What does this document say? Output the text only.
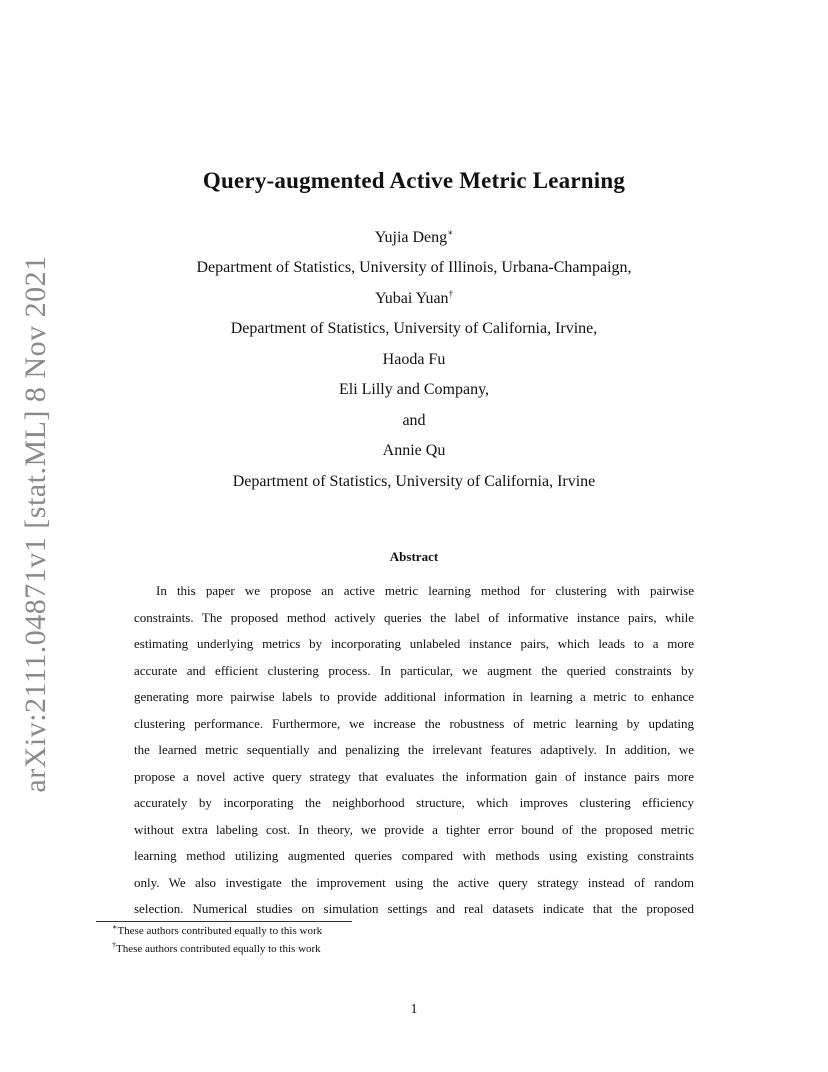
arXiv:2111.04871v1 [stat.ML] 8 Nov 2021
Query-augmented Active Metric Learning
Yujia Deng∗
Department of Statistics, University of Illinois, Urbana-Champaign,
Yubai Yuan†
Department of Statistics, University of California, Irvine,
Haoda Fu
Eli Lilly and Company,
and
Annie Qu
Department of Statistics, University of California, Irvine
Abstract
In this paper we propose an active metric learning method for clustering with pairwise
constraints. The proposed method actively queries the label of informative instance pairs, while
estimating underlying metrics by incorporating unlabeled instance pairs, which leads to a more
accurate and efficient clustering process. In particular, we augment the queried constraints by
generating more pairwise labels to provide additional information in learning a metric to enhance
clustering performance. Furthermore, we increase the robustness of metric learning by updating
the learned metric sequentially and penalizing the irrelevant features adaptively. In addition, we
propose a novel active query strategy that evaluates the information gain of instance pairs more
accurately by incorporating the neighborhood structure, which improves clustering efficiency
without extra labeling cost. In theory, we provide a tighter error bound of the proposed metric
learning method utilizing augmented queries compared with methods using existing constraints
only. We also investigate the improvement using the active query strategy instead of random
selection. Numerical studies on simulation settings and real datasets indicate that the proposed
∗These authors contributed equally to this work
†These authors contributed equally to this work
1
